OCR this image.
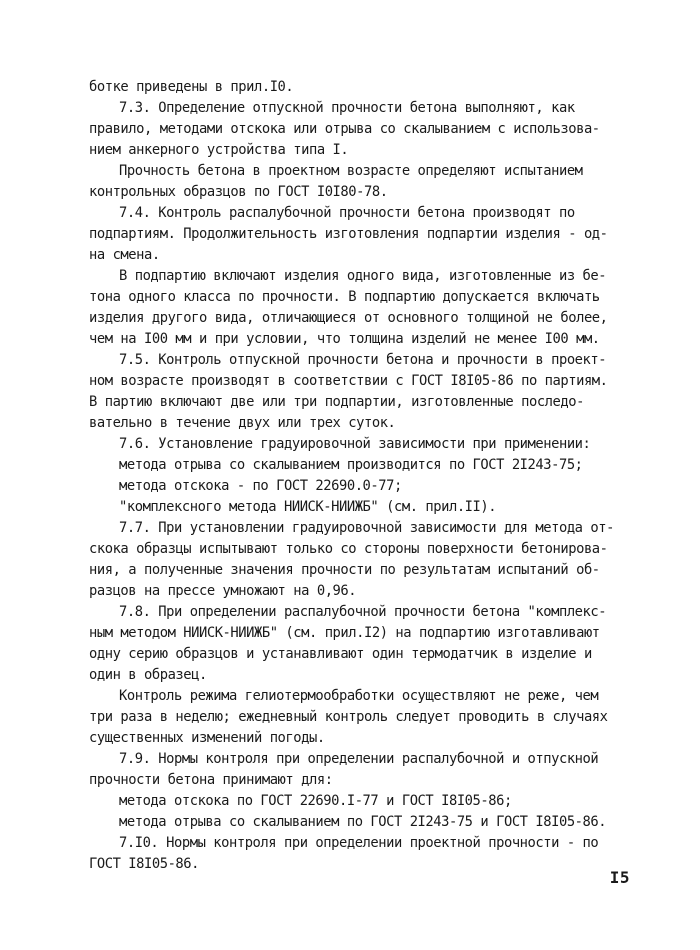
ботке приведены в прил.I0.
7.3. Определение отпускной прочности бетона выполняют, как
правило, методами отскока или отрыва со скалыванием с использова-
нием анкерного устройства типа I.
Прочность бетона в проектном возрасте определяют испытанием
контрольных образцов по ГОСТ I0I80-78.
7.4. Контроль распалубочной прочности бетона производят по
подпартиям. Продолжительность изготовления подпартии изделия - од-
на смена.
В подпартию включают изделия одного вида, изготовленные из бе-
тона одного класса по прочности. В подпартию допускается включать
изделия другого вида, отличающиеся от основного толщиной не более,
чем на I00 мм и при условии, что толщина изделий не менее I00 мм.
7.5. Контроль отпускной прочности бетона и прочности в проект-
ном возрасте производят в соответствии с ГОСТ I8I05-86 по партиям.
В партию включают две или три подпартии, изготовленные последо-
вательно в течение двух или трех суток.
7.6. Установление градуировочной зависимости при применении:
метода отрыва со скалыванием производится по ГОСТ 2I243-75;
метода отскока - по ГОСТ 22690.0-77;
"комплексного метода НИИСК-НИИЖБ" (см. прил.II).
7.7. При установлении градуировочной зависимости для метода от-
скока образцы испытывают только со стороны поверхности бетонирова-
ния, а полученные значения прочности по результатам испытаний об-
разцов на прессе умножают на 0,96.
7.8. При определении распалубочной прочности бетона "комплекс-
ным методом НИИСК-НИИЖБ" (см. прил.I2) на подпартию изготавливают
одну серию образцов и устанавливают один термодатчик в изделие и
один в образец.
Контроль режима гелиотермообработки осуществляют не реже, чем
три раза в неделю; ежедневный контроль следует проводить в случаях
существенных изменений погоды.
7.9. Нормы контроля при определении распалубочной и отпускной
прочности бетона принимают для:
метода отскока по ГОСТ 22690.I-77 и ГОСТ I8I05-86;
метода отрыва со скалыванием по ГОСТ 2I243-75 и ГОСТ I8I05-86.
7.I0. Нормы контроля при определении проектной прочности - по
ГОСТ I8I05-86.
I5
